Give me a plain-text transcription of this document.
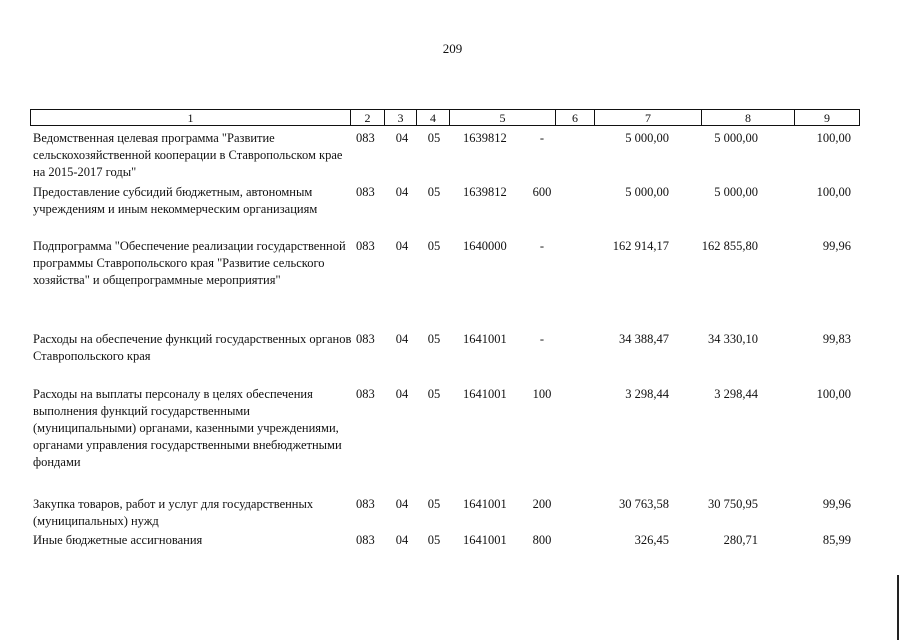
209
1	2	3	4	5	6	7	8	9
Ведомственная целевая программа "Развитие сельскохозяйственной кооперации в Ставропольском крае на 2015-2017 годы"
083	04	05	1639812	-	5 000,00	5 000,00	100,00
Предоставление субсидий бюджетным, автономным учреждениям и иным некоммерческим организациям
083	04	05	1639812	600	5 000,00	5 000,00	100,00
Подпрограмма "Обеспечение реализации государственной программы Ставропольского края "Развитие сельского хозяйства" и общепрограммные мероприятия"
083	04	05	1640000	-	162 914,17	162 855,80	99,96
Расходы на обеспечение функций государственных органов Ставропольского края
083	04	05	1641001	-	34 388,47	34 330,10	99,83
Расходы на выплаты персоналу в целях обеспечения выполнения функций государственными (муниципальными) органами, казенными учреждениями, органами управления государственными внебюджетными фондами
083	04	05	1641001	100	3 298,44	3 298,44	100,00
Закупка товаров, работ и услуг для государственных (муниципальных) нужд
083	04	05	1641001	200	30 763,58	30 750,95	99,96
Иные бюджетные ассигнования	083	04	05	1641001	800	326,45	280,71	85,99
